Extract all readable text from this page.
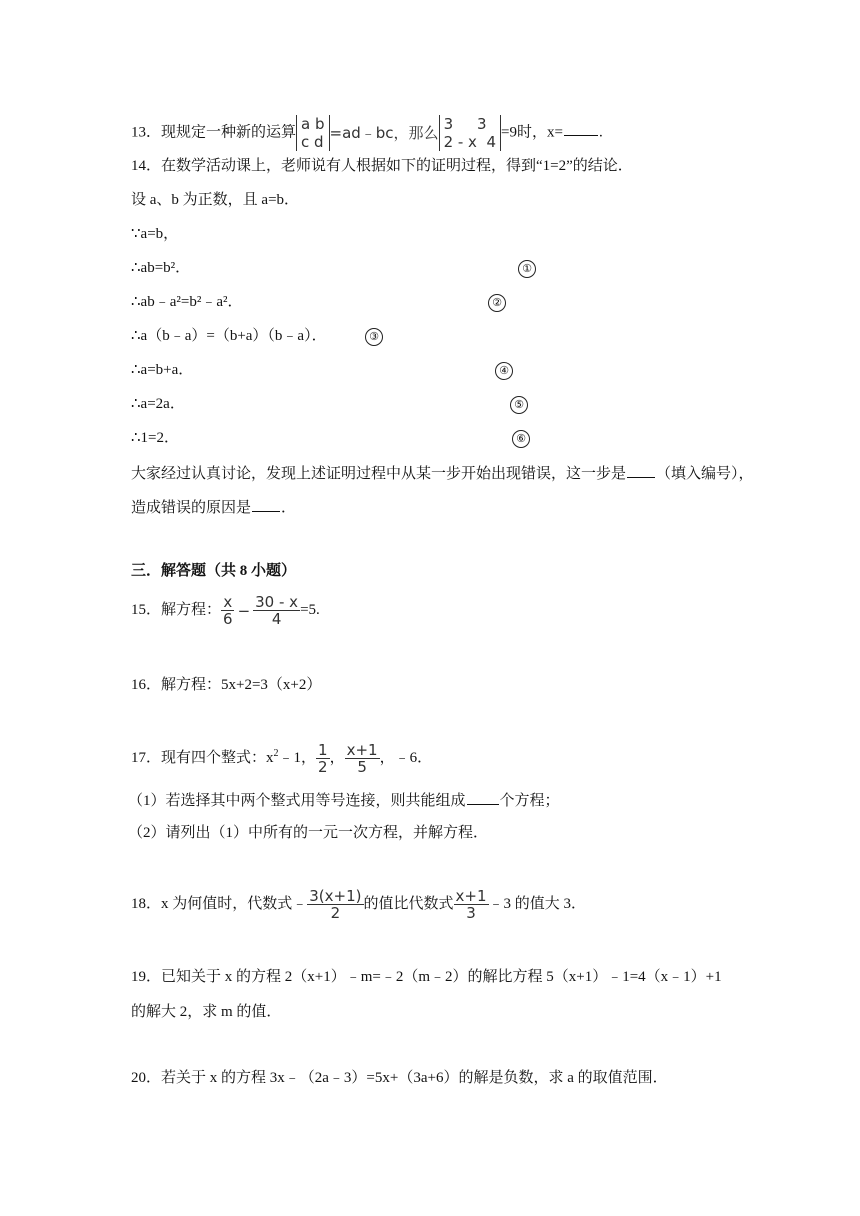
13．现规定一种新的运算 a b
c d =ad﹣bc，那么 3     3
2 - x  4
=9时，x= .
14．在数学活动课上，老师说有人根据如下的证明过程，得到“1=2”的结论．
设 a、b 为正数，且 a=b．
∵a=b，
∴ab=b²．
∴ab﹣a²=b²﹣a²．
∴a（b﹣a）=（b+a）（b﹣a）．
∴a=b+a．
∴a=2a．
∴1=2．
①
②
③
④
⑤
⑥
大家经过认真讨论，发现上述证明过程中从某一步开始出现错误，这一步是 （填入编号），
造成错误的原因是 ．
三．解答题（共 8 小题）
15．解方程： $\frac{x}{6} - \frac{30 - x}{4} =5$.
16．解方程：5x+2=3（x+2）
17．现有四个整式：$x^2﹣1$， $\frac{1}{2}$ ， $\frac{x+1}{5}$ ，﹣6．
（1）若选择其中两个整式用等号连接，则共能组成 个方程；
（2）请列出（1）中所有的一元一次方程，并解方程．
18．x 为何值时，代数式﹣ $\frac{3(x+1)}{2}$ 的值比代数式 $\frac{x+1}{3}$ ﹣3 的值大 3．
19．已知关于 x 的方程 2（x+1）﹣m=﹣2（m﹣2）的解比方程 5（x+1）﹣1=4（x﹣1）+1
的解大 2，求 m 的值．
20．若关于 x 的方程 3x﹣（2a﹣3）=5x+（3a+6）的解是负数，求 a 的取值范围．
